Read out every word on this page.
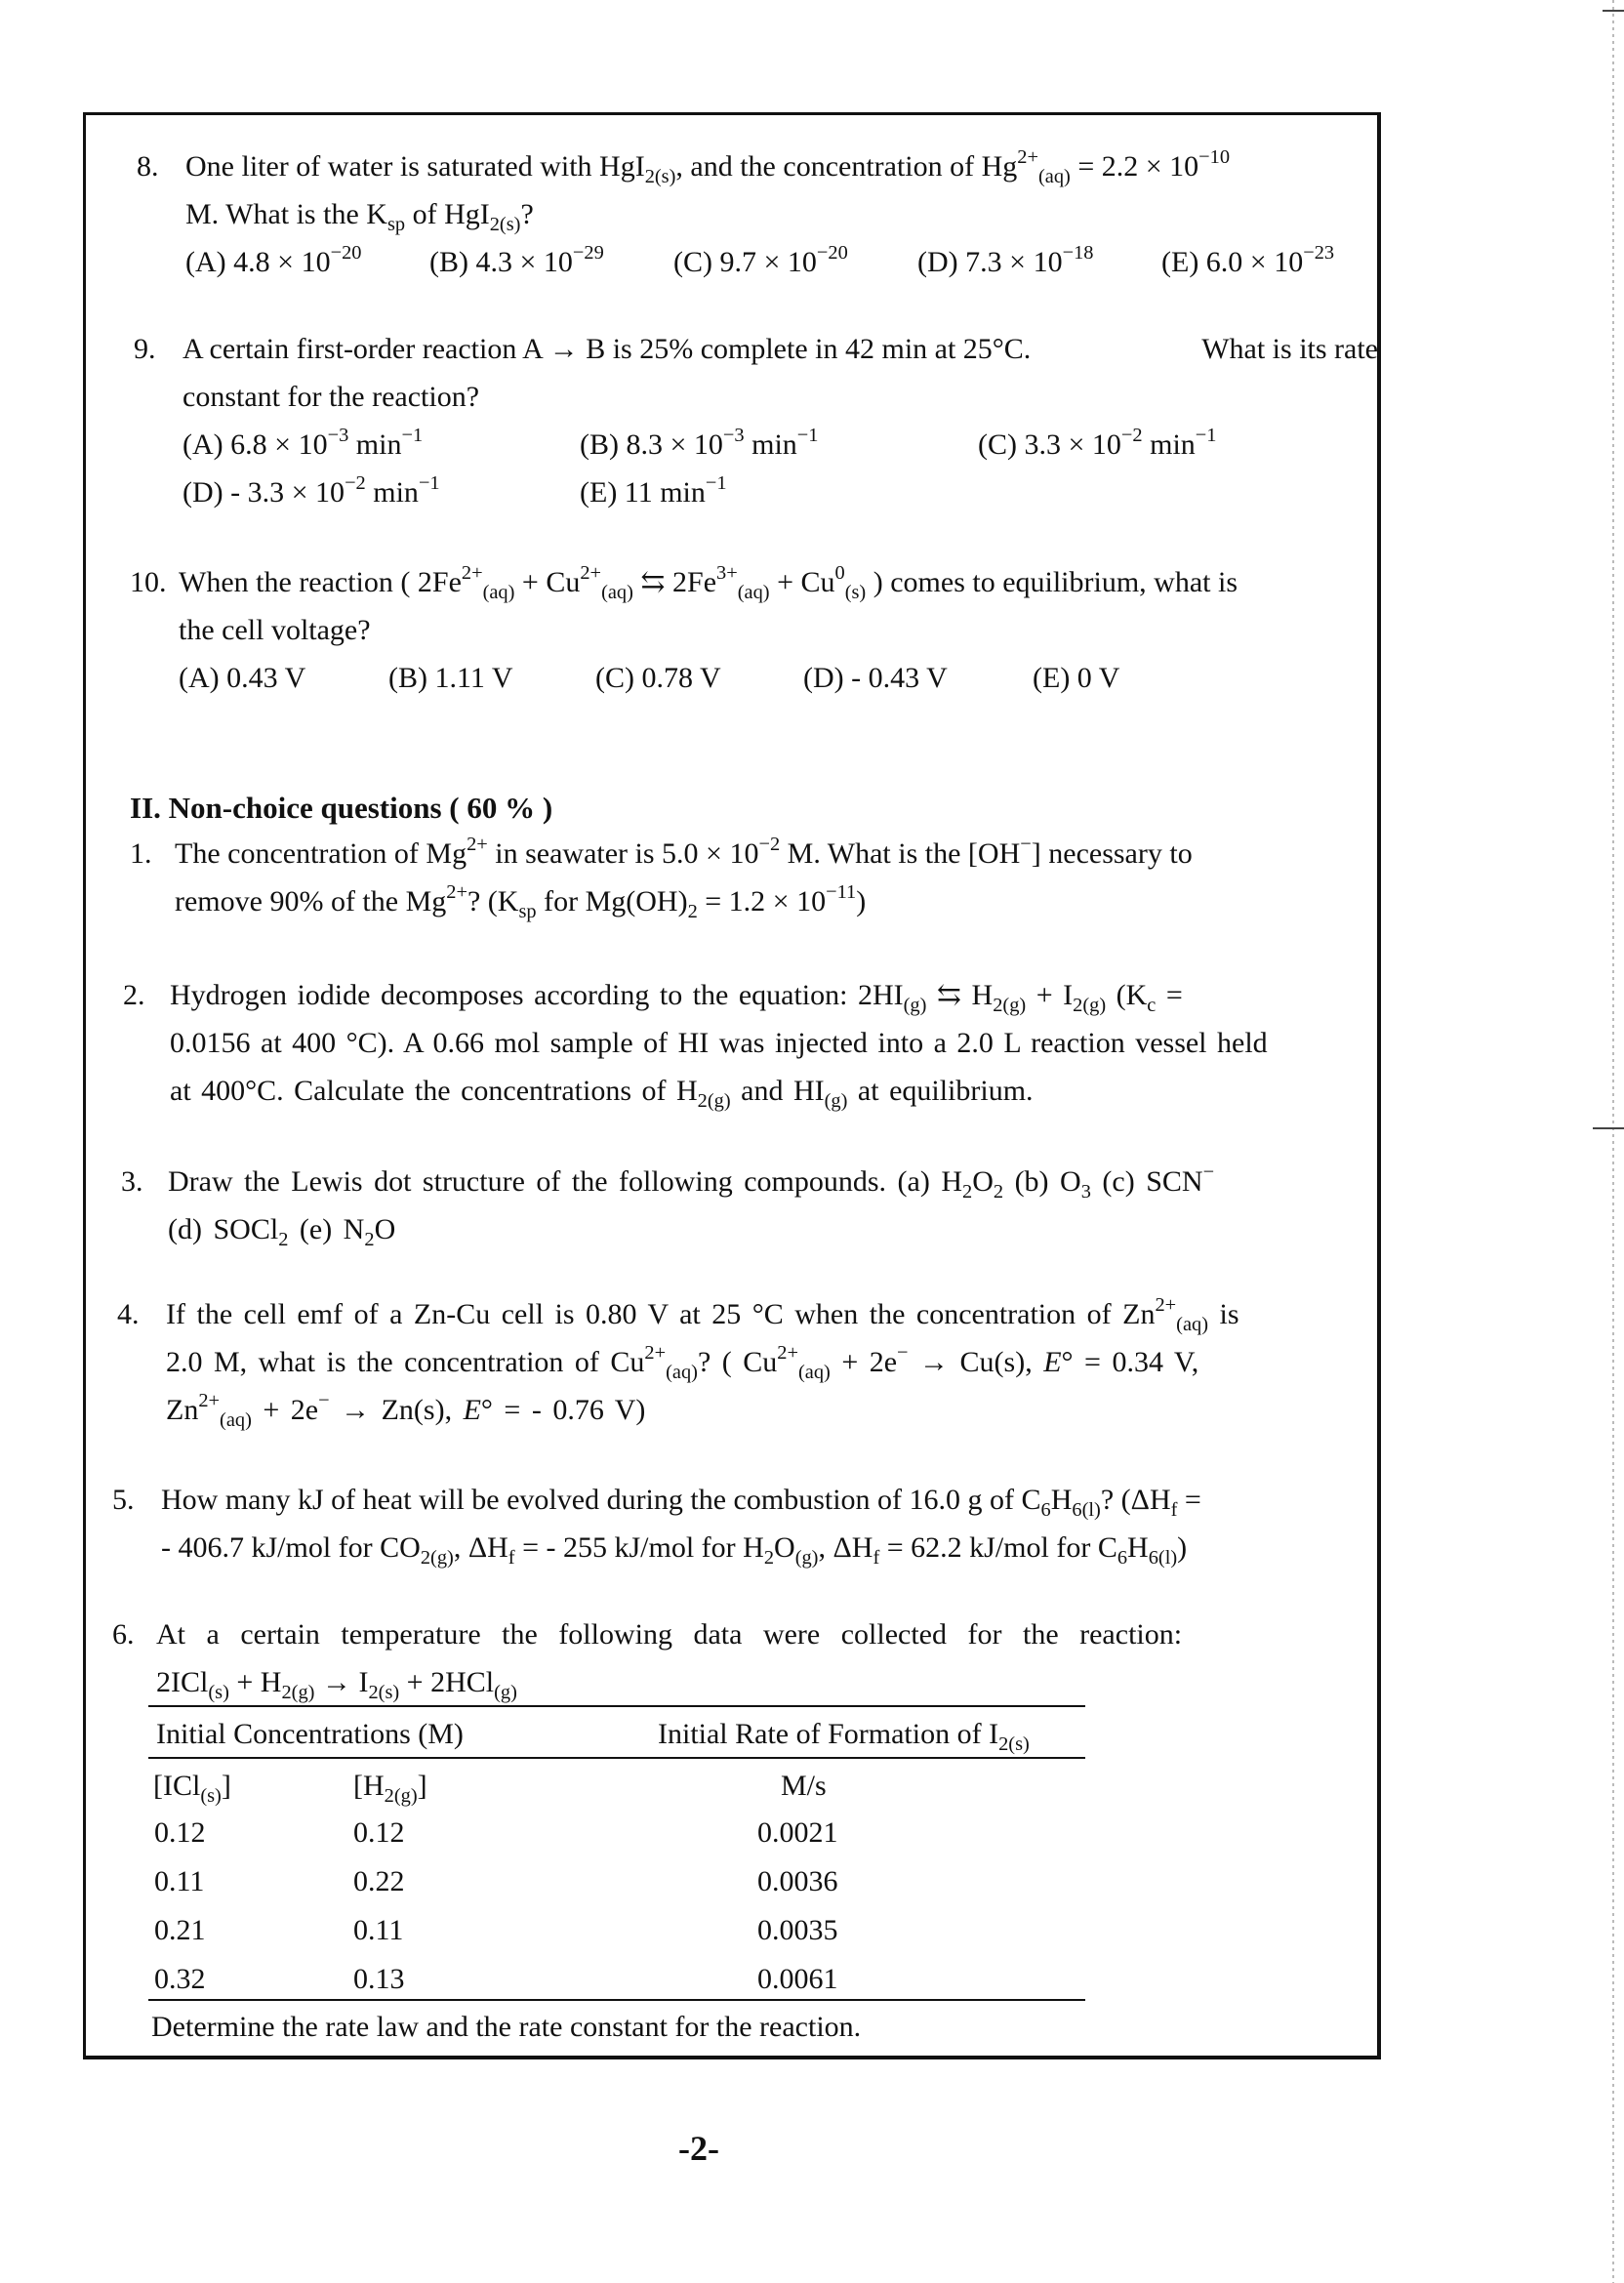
8. One liter of water is saturated with HgI$_{2(s)}$, and the concentration of $Hg^{2+}_{(aq)} = 2.2 \times 10^{-10}$
M. What is the $K_{sp}$ of HgI$_{2(s)}$?
(A) $4.8 \times 10^{-20}$ (B) $4.3 \times 10^{-29}$ (C) $9.7 \times 10^{-20}$ (D) $7.3 \times 10^{-18}$ (E) $6.0 \times 10^{-23}$
9. A certain first-order reaction A → B is 25% complete in 42 min at 25°C.	What is its rate
constant for the reaction?
(A) $6.8 \times 10^{-3}$ $\min^{-1}$	(B) $8.3 \times 10^{-3}$ $\min^{-1}$	(C) $3.3 \times 10^{-2}$ $\min^{-1}$
$(D) - 3.3 \times 10^{-2}$ $\min^{-1}$	(E) 11 $\min^{-1}$
10. When the reaction ( $2Fe^{2+}_{(aq)} + Cu^{2+}_{(aq)}$ ⇆ $2Fe^{3+}_{(aq)} + Cu^0_{(s)}$ ) comes to equilibrium, what is
the cell voltage?
(A) 0.43 V	(B) 1.11 V	(C) 0.78 V	(D) - 0.43 V	(E) 0 V
II. Non-choice questions ( 60 % )
1. The concentration of $Mg^{2+}$ in seawater is $5.0 \times 10^{-2}$ M. What is the [OH−] necessary to
remove 90% of the $Mg^{2+}$? ($K_{sp}$ for $Mg(OH)_2 = 1.2 \times 10^{-11}$)
2. Hydrogen iodide decomposes according to the equation: $2HI_{(g)}$ ⇆ $H_{2(g)} + I_{2(g)}$ ($K_c$ =
0.0156 at 400 °C). A 0.66 mol sample of HI was injected into a 2.0 L reaction vessel held
at 400°C. Calculate the concentrations of $H_{2(g)}$ and $HI_{(g)}$ at equilibrium.
3. Draw the Lewis dot structure of the following compounds. (a) $H_2O_2$ (b) $O_3$ (c) SCN−
(d) SOCl$_2$ (e) $N_2O$
4. If the cell emf of a Zn-Cu cell is 0.80 V at 25 °C when the concentration of $Zn^{2+}_{(aq)}$ is
2.0 M, what is the concentration of $Cu^{2+}_{(aq)}$? ( $Cu^{2+}_{(aq)} + 2e^- \to Cu(s)$, E° = 0.34 V,
$Zn^{2+}_{(aq)} + 2e^- \to Zn(s)$, E° = - 0.76 V)
5. How many kJ of heat will be evolved during the combustion of 16.0 g of $C_6H_{6(l)}$? ($\Delta H_f$ =
- 406.7 kJ/mol for $CO_{2(g)}$, $\Delta H_f$ = - 255 kJ/mol for $H_2O_{(g)}$, $\Delta H_f = 62.2$ kJ/mol for $C_6H_{6(l)}$)
6. At a certain temperature the following data were collected for the reaction:
$2ICl_{(s)} + H_{2(g)} \to I_{2(s)} + 2HCl_{(g)}$
Initial Concentrations (M)	Initial Rate of Formation of $I_{2(s)}$
[ICl$_{(s)}$]	$[H_{2(g)}]$	M/s
0.12	0.12	0.0021
0.11	0.22	0.0036
0.21	0.11	0.0035
0.32	0.13	0.0061
Determine the rate law and the rate constant for the reaction.
-2-
